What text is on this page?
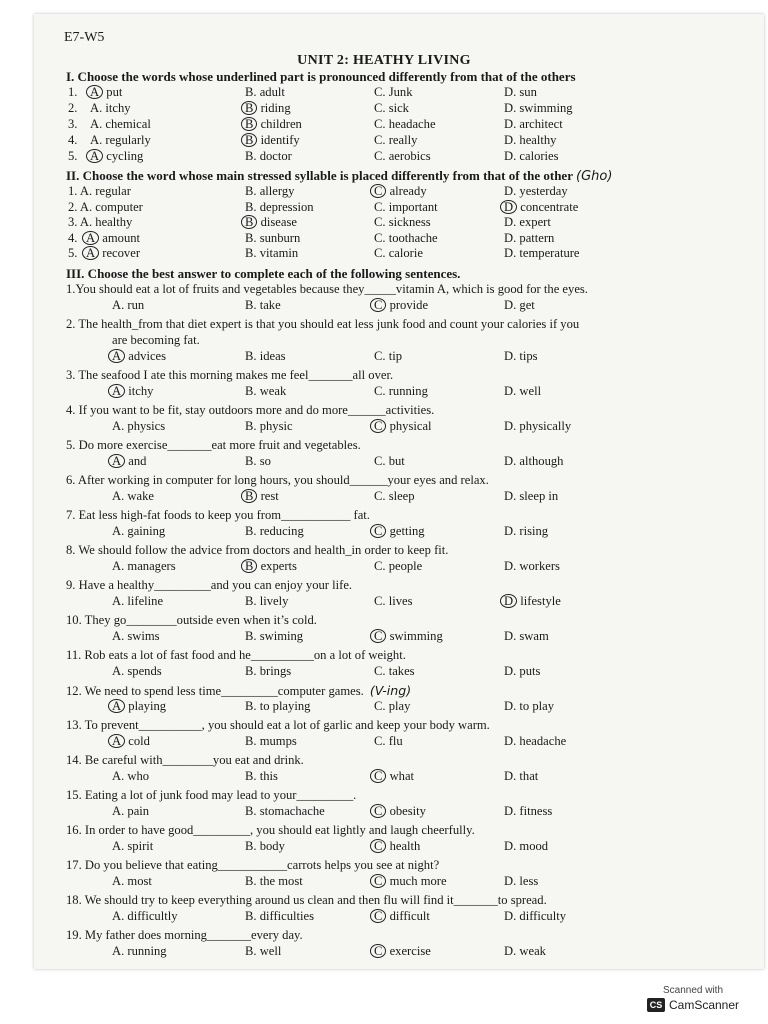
E7-W5
UNIT 2: HEATHY LIVING
I. Choose the words whose underlined part is pronounced differently from that of the others
1. A put	B. adult	C. Junk	D. sun
2. A. itchy	B riding	C. sick	D. swimming
3. A. chemical	B children	C. headache	D. architect
4. A. regularly	B identify	C. really	D. healthy
5. A cycling	B. doctor	C. aerobics	D. calories
II. Choose the word whose main stressed syllable is placed differently from that of the other (Gho)
1. A. regular	B. allergy	C already	D. yesterday
2. A. computer	B. depression	C. important	D concentrate
3. A. healthy	B disease	C. sickness	D. expert
4. A amount	B. sunburn	C. toothache	D. pattern
5. A recover	B. vitamin	C. calorie	D. temperature
III. Choose the best answer to complete each of the following sentences.
1.You should eat a lot of fruits and vegetables because they_____vitamin A, which is good for the eyes.
A. run	B. take	C provide	D. get
2. The health_from that diet expert is that you should eat less junk food and count your calories if you
are becoming fat.
A advices	B. ideas	C. tip	D. tips
3. The seafood I ate this morning makes me feel_______all over.
A itchy	B. weak	C. running	D. well
4. If you want to be fit, stay outdoors more and do more______activities.
A. physics	B. physic	C physical	D. physically
5. Do more exercise_______eat more fruit and vegetables.
A and	B. so	C. but	D. although
6. After working in computer for long hours, you should______your eyes and relax.
A. wake	B rest	C. sleep	D. sleep in
7. Eat less high-fat foods to keep you from___________ fat.
A. gaining	B. reducing	C getting	D. rising
8. We should follow the advice from doctors and health_in order to keep fit.
A. managers	B experts	C. people	D. workers
9. Have a healthy_________and you can enjoy your life.
A. lifeline	B. lively	C. lives	D lifestyle
10. They go________outside even when it’s cold.
A. swims	B. swiming	C swimming	D. swam
11. Rob eats a lot of fast food and he__________on a lot of weight.
A. spends	B. brings	C. takes	D. puts
12. We need to spend less time_________computer games. (V-ing)
A playing	B. to playing	C. play	D. to play
13. To prevent__________, you should eat a lot of garlic and keep your body warm.
A cold	B. mumps	C. flu	D. headache
14. Be careful with________you eat and drink.
A. who	B. this	C what	D. that
15. Eating a lot of junk food may lead to your_________.
A. pain	B. stomachache	C obesity	D. fitness
16. In order to have good_________, you should eat lightly and laugh cheerfully.
A. spirit	B. body	C health	D. mood
17. Do you believe that eating___________carrots helps you see at night?
A. most	B. the most	C much more	D. less
18. We should try to keep everything around us clean and then flu will find it_______to spread.
A. difficultly	B. difficulties	C difficult	D. difficulty
19. My father does morning_______every day.
A. running	B. well	C exercise	D. weak
Scanned with
CS CamScanner
